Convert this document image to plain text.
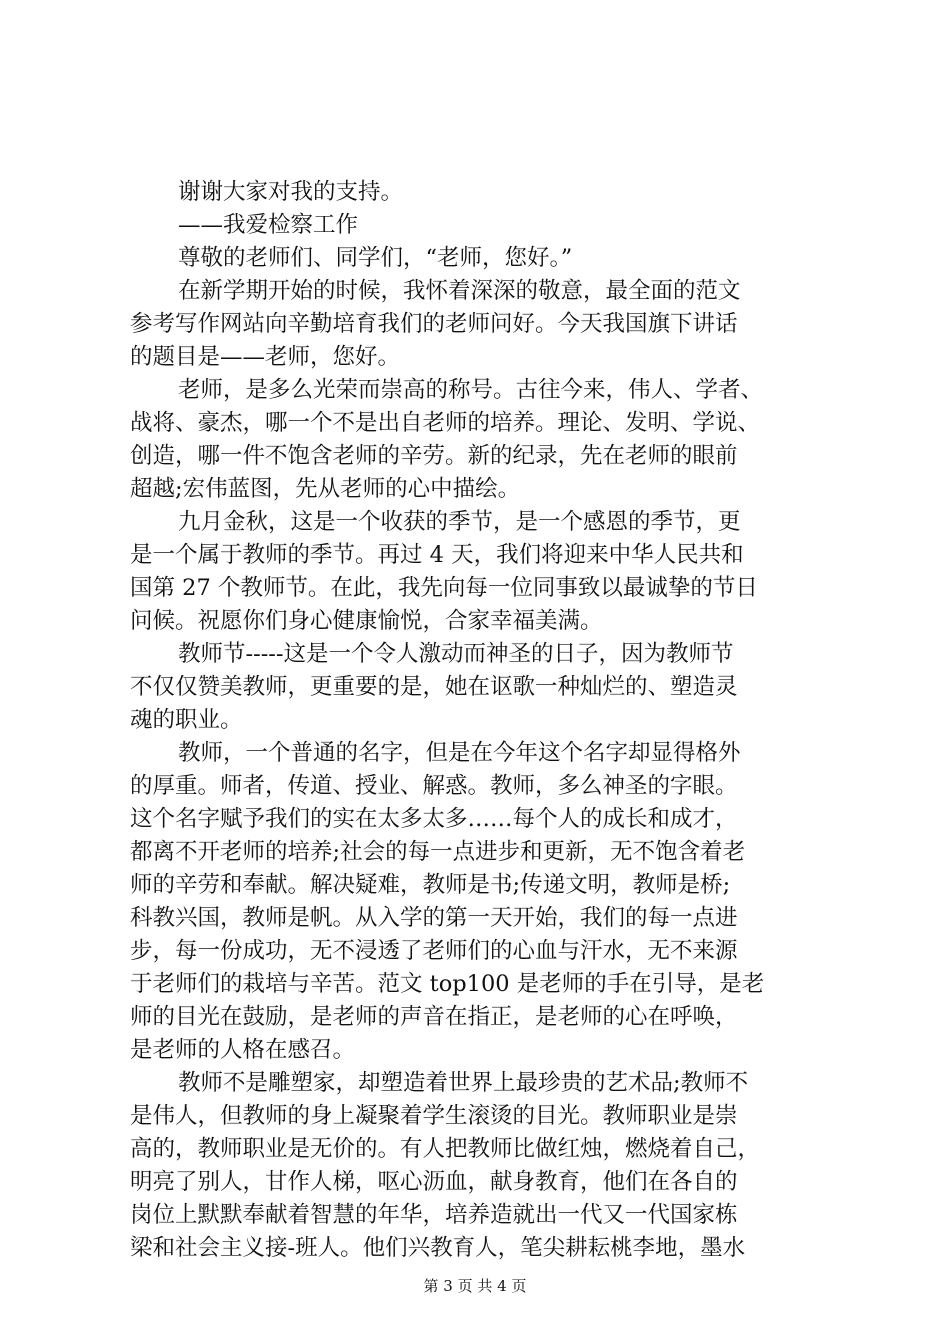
谢谢大家对我的支持。
——我爱检察工作
尊敬的老师们、同学们，“老师，您好。”
在新学期开始的时候，我怀着深深的敬意，最全面的范文
参考写作网站向辛勤培育我们的老师问好。今天我国旗下讲话
的题目是——老师，您好。
老师，是多么光荣而崇高的称号。古往今来，伟人、学者、
战将、豪杰，哪一个不是出自老师的培养。理论、发明、学说、
创造，哪一件不饱含老师的辛劳。新的纪录，先在老师的眼前
超越;宏伟蓝图，先从老师的心中描绘。
九月金秋，这是一个收获的季节，是一个感恩的季节，更
是一个属于教师的季节。再过 4 天，我们将迎来中华人民共和
国第 27 个教师节。在此，我先向每一位同事致以最诚挚的节日
问候。祝愿你们身心健康愉悦，合家幸福美满。
教师节-----这是一个令人激动而神圣的日子，因为教师节
不仅仅赞美教师，更重要的是，她在讴歌一种灿烂的、塑造灵
魂的职业。
教师，一个普通的名字，但是在今年这个名字却显得格外
的厚重。师者，传道、授业、解惑。教师，多么神圣的字眼。
这个名字赋予我们的实在太多太多……每个人的成长和成才，
都离不开老师的培养;社会的每一点进步和更新，无不饱含着老
师的辛劳和奉献。解决疑难，教师是书;传递文明，教师是桥;
科教兴国，教师是帆。从入学的第一天开始，我们的每一点进
步，每一份成功，无不浸透了老师们的心血与汗水，无不来源
于老师们的栽培与辛苦。范文 top100 是老师的手在引导，是老
师的目光在鼓励，是老师的声音在指正，是老师的心在呼唤，
是老师的人格在感召。
教师不是雕塑家，却塑造着世界上最珍贵的艺术品;教师不
是伟人，但教师的身上凝聚着学生滚烫的目光。教师职业是崇
高的，教师职业是无价的。有人把教师比做红烛，燃烧着自己，
明亮了别人，甘作人梯，呕心沥血，献身教育，他们在各自的
岗位上默默奉献着智慧的年华，培养造就出一代又一代国家栋
梁和社会主义接-班人。他们兴教育人，笔尖耕耘桃李地，墨水
第 3 页 共 4 页
